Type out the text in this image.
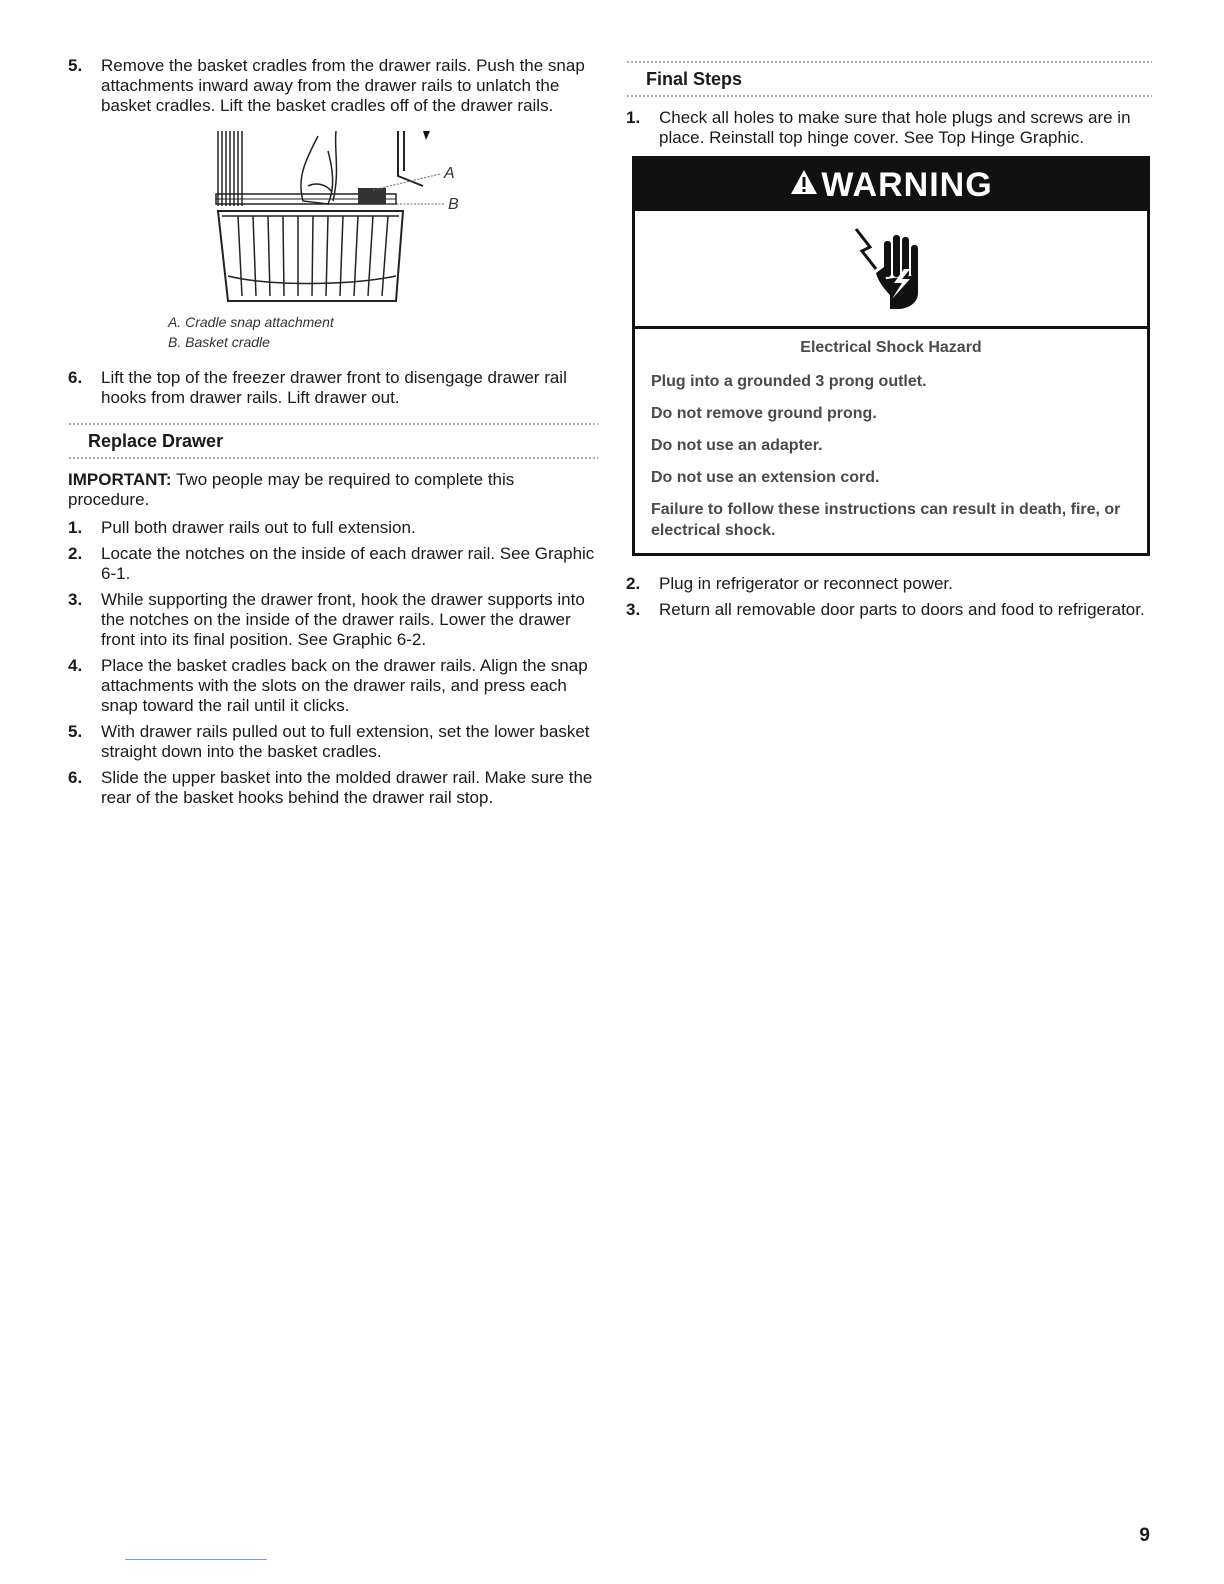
5.	Remove the basket cradles from the drawer rails. Push the snap attachments inward away from the drawer rails to unlatch the basket cradles. Lift the basket cradles off of the drawer rails.
A
B
A. Cradle snap attachment
B. Basket cradle
6.	Lift the top of the freezer drawer front to disengage drawer rail hooks from drawer rails. Lift drawer out.
Replace Drawer
IMPORTANT: Two people may be required to complete this procedure.
1.	Pull both drawer rails out to full extension.
2.	Locate the notches on the inside of each drawer rail. See Graphic 6-1.
3.	While supporting the drawer front, hook the drawer supports into the notches on the inside of the drawer rails. Lower the drawer front into its final position. See Graphic 6-2.
4.	Place the basket cradles back on the drawer rails. Align the snap attachments with the slots on the drawer rails, and press each snap toward the rail until it clicks.
5.	With drawer rails pulled out to full extension, set the lower basket straight down into the basket cradles.
6.	Slide the upper basket into the molded drawer rail. Make sure the rear of the basket hooks behind the drawer rail stop.
Final Steps
1.	Check all holes to make sure that hole plugs and screws are in place. Reinstall top hinge cover. See Top Hinge Graphic.
WARNING
Electrical Shock Hazard
Plug into a grounded 3 prong outlet.
Do not remove ground prong.
Do not use an adapter.
Do not use an extension cord.
Failure to follow these instructions can result in death, fire, or electrical shock.
2.	Plug in refrigerator or reconnect power.
3.	Return all removable door parts to doors and food to refrigerator.
9
